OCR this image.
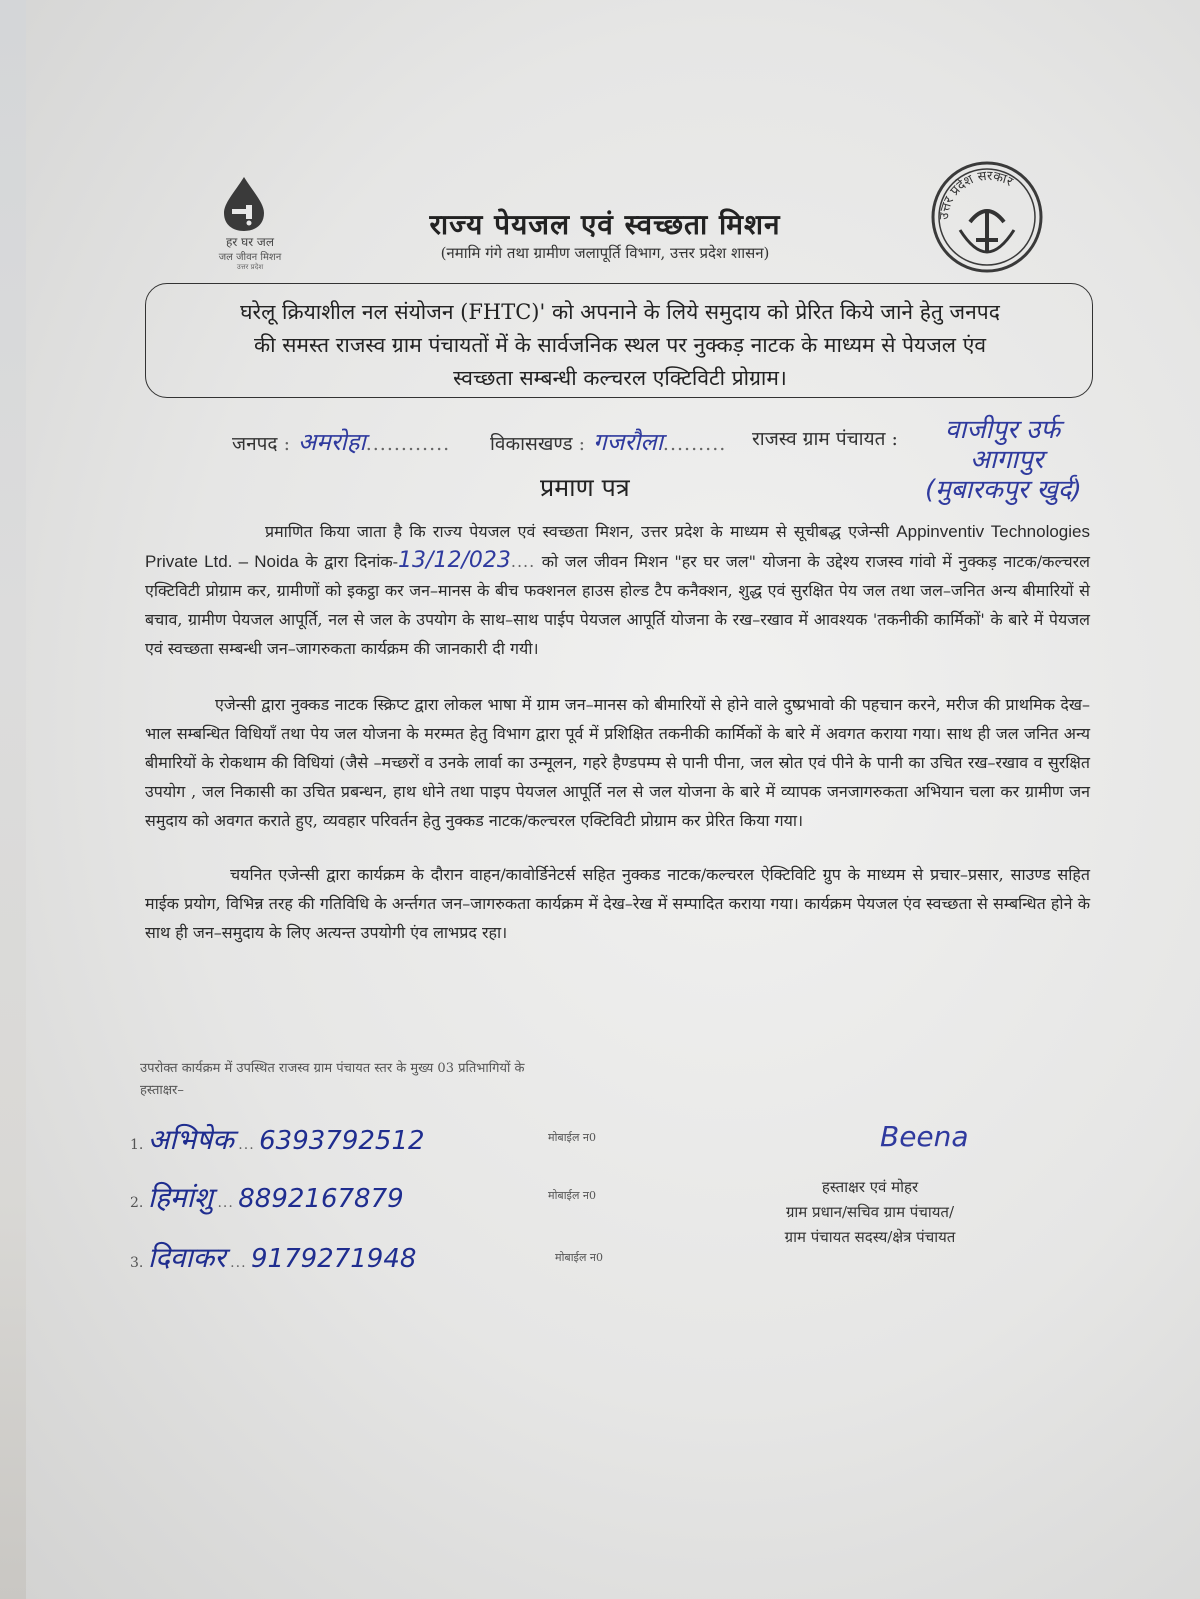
हर घर जल
जल जीवन मिशन
उत्तर प्रदेश
उत्तर प्रदेश सरकार
राज्य पेयजल एवं स्वच्छता मिशन
(नमामि गंगे तथा ग्रामीण जलापूर्ति विभाग, उत्तर प्रदेश शासन)
घरेलू क्रियाशील नल संयोजन (FHTC)' को अपनाने के लिये समुदाय को प्रेरित किये जाने हेतु जनपद
की समस्त राजस्व ग्राम पंचायतों में के सार्वजनिक स्थल पर नुक्कड़ नाटक के माध्यम से पेयजल एंव
स्वच्छता सम्बन्धी कल्चरल एक्टिविटी प्रोग्राम।
जनपद : अमरोहा............ विकासखण्ड : गजरौला......... राजस्व ग्राम पंचायत : वाजीपुर उर्फ
आगापुर
(मुबारकपुर खुर्द)
प्रमाण पत्र

प्रमाणित किया जाता है कि राज्य पेयजल एवं स्वच्छता मिशन, उत्तर प्रदेश के माध्यम से सूचीबद्ध एजेन्सी Appinventiv Technologies Private Ltd. – Noida के द्वारा दिनांक-13/12/023.... को जल जीवन मिशन "हर घर जल" योजना के उद्देश्य राजस्व गांवो में नुक्कड़ नाटक/कल्चरल एक्टिविटी प्रोग्राम कर, ग्रामीणों को इकट्ठा कर जन–मानस के बीच फक्शनल हाउस होल्ड टैप कनैक्शन, शुद्ध एवं सुरक्षित पेय जल तथा जल–जनित अन्य बीमारियों से बचाव, ग्रामीण पेयजल आपूर्ति, नल से जल के उपयोग के साथ–साथ पाईप पेयजल आपूर्ति योजना के रख–रखाव में आवश्यक 'तकनीकी कार्मिकों' के बारे में पेयजल एवं स्वच्छता सम्बन्धी जन–जागरुकता कार्यक्रम की जानकारी दी गयी।

एजेन्सी द्वारा नुक्कड नाटक स्क्रिप्ट द्वारा लोकल भाषा में ग्राम जन–मानस को बीमारियों से होने वाले दुष्प्रभावो की पहचान करने, मरीज की प्राथमिक देख–भाल सम्बन्धित विधियाँ तथा पेय जल योजना के मरम्मत हेतु विभाग द्वारा पूर्व में प्रशिक्षित तकनीकी कार्मिकों के बारे में अवगत कराया गया। साथ ही जल जनित अन्य बीमारियों के रोकथाम की विधियां (जैसे –मच्छरों व उनके लार्वा का उन्मूलन, गहरे हैण्डपम्प से पानी पीना, जल स्रोत एवं पीने के पानी का उचित रख–रखाव व सुरक्षित उपयोग , जल निकासी का उचित प्रबन्धन, हाथ धोने तथा पाइप पेयजल आपूर्ति नल से जल योजना के बारे में व्यापक जनजागरुकता अभियान चला कर ग्रामीण जन समुदाय को अवगत कराते हुए, व्यवहार परिवर्तन हेतु नुक्कड नाटक/कल्चरल एक्टिविटी प्रोग्राम कर प्रेरित किया गया।

चयनित एजेन्सी द्वारा कार्यक्रम के दौरान वाहन/कावोर्डिनेटर्स सहित नुक्कड नाटक/कल्चरल ऐक्टिविटि ग्रुप के माध्यम से प्रचार–प्रसार, साउण्ड सहित माईक प्रयोग, विभिन्न तरह की गतिविधि के अर्न्तगत जन–जागरुकता कार्यक्रम में देख–रेख में सम्पादित कराया गया। कार्यक्रम पेयजल एंव स्वच्छता से सम्बन्धित होने के साथ ही जन–समुदाय के लिए अत्यन्त उपयोगी एंव लाभप्रद रहा।

उपरोक्त कार्यक्रम में उपस्थित राजस्व ग्राम पंचायत स्तर के मुख्य 03 प्रतिभागियों के
हस्ताक्षर–
1. अभिषेक ... 6393792512	मोबाईल न0
2. हिमांशु ... 8892167879	मोबाईल न0
3. दिवाकर ... 9179271948	मोबाईल न0
Beena
हस्ताक्षर एवं मोहर
ग्राम प्रधान/सचिव ग्राम पंचायत/
ग्राम पंचायत सदस्य/क्षेत्र पंचायत
